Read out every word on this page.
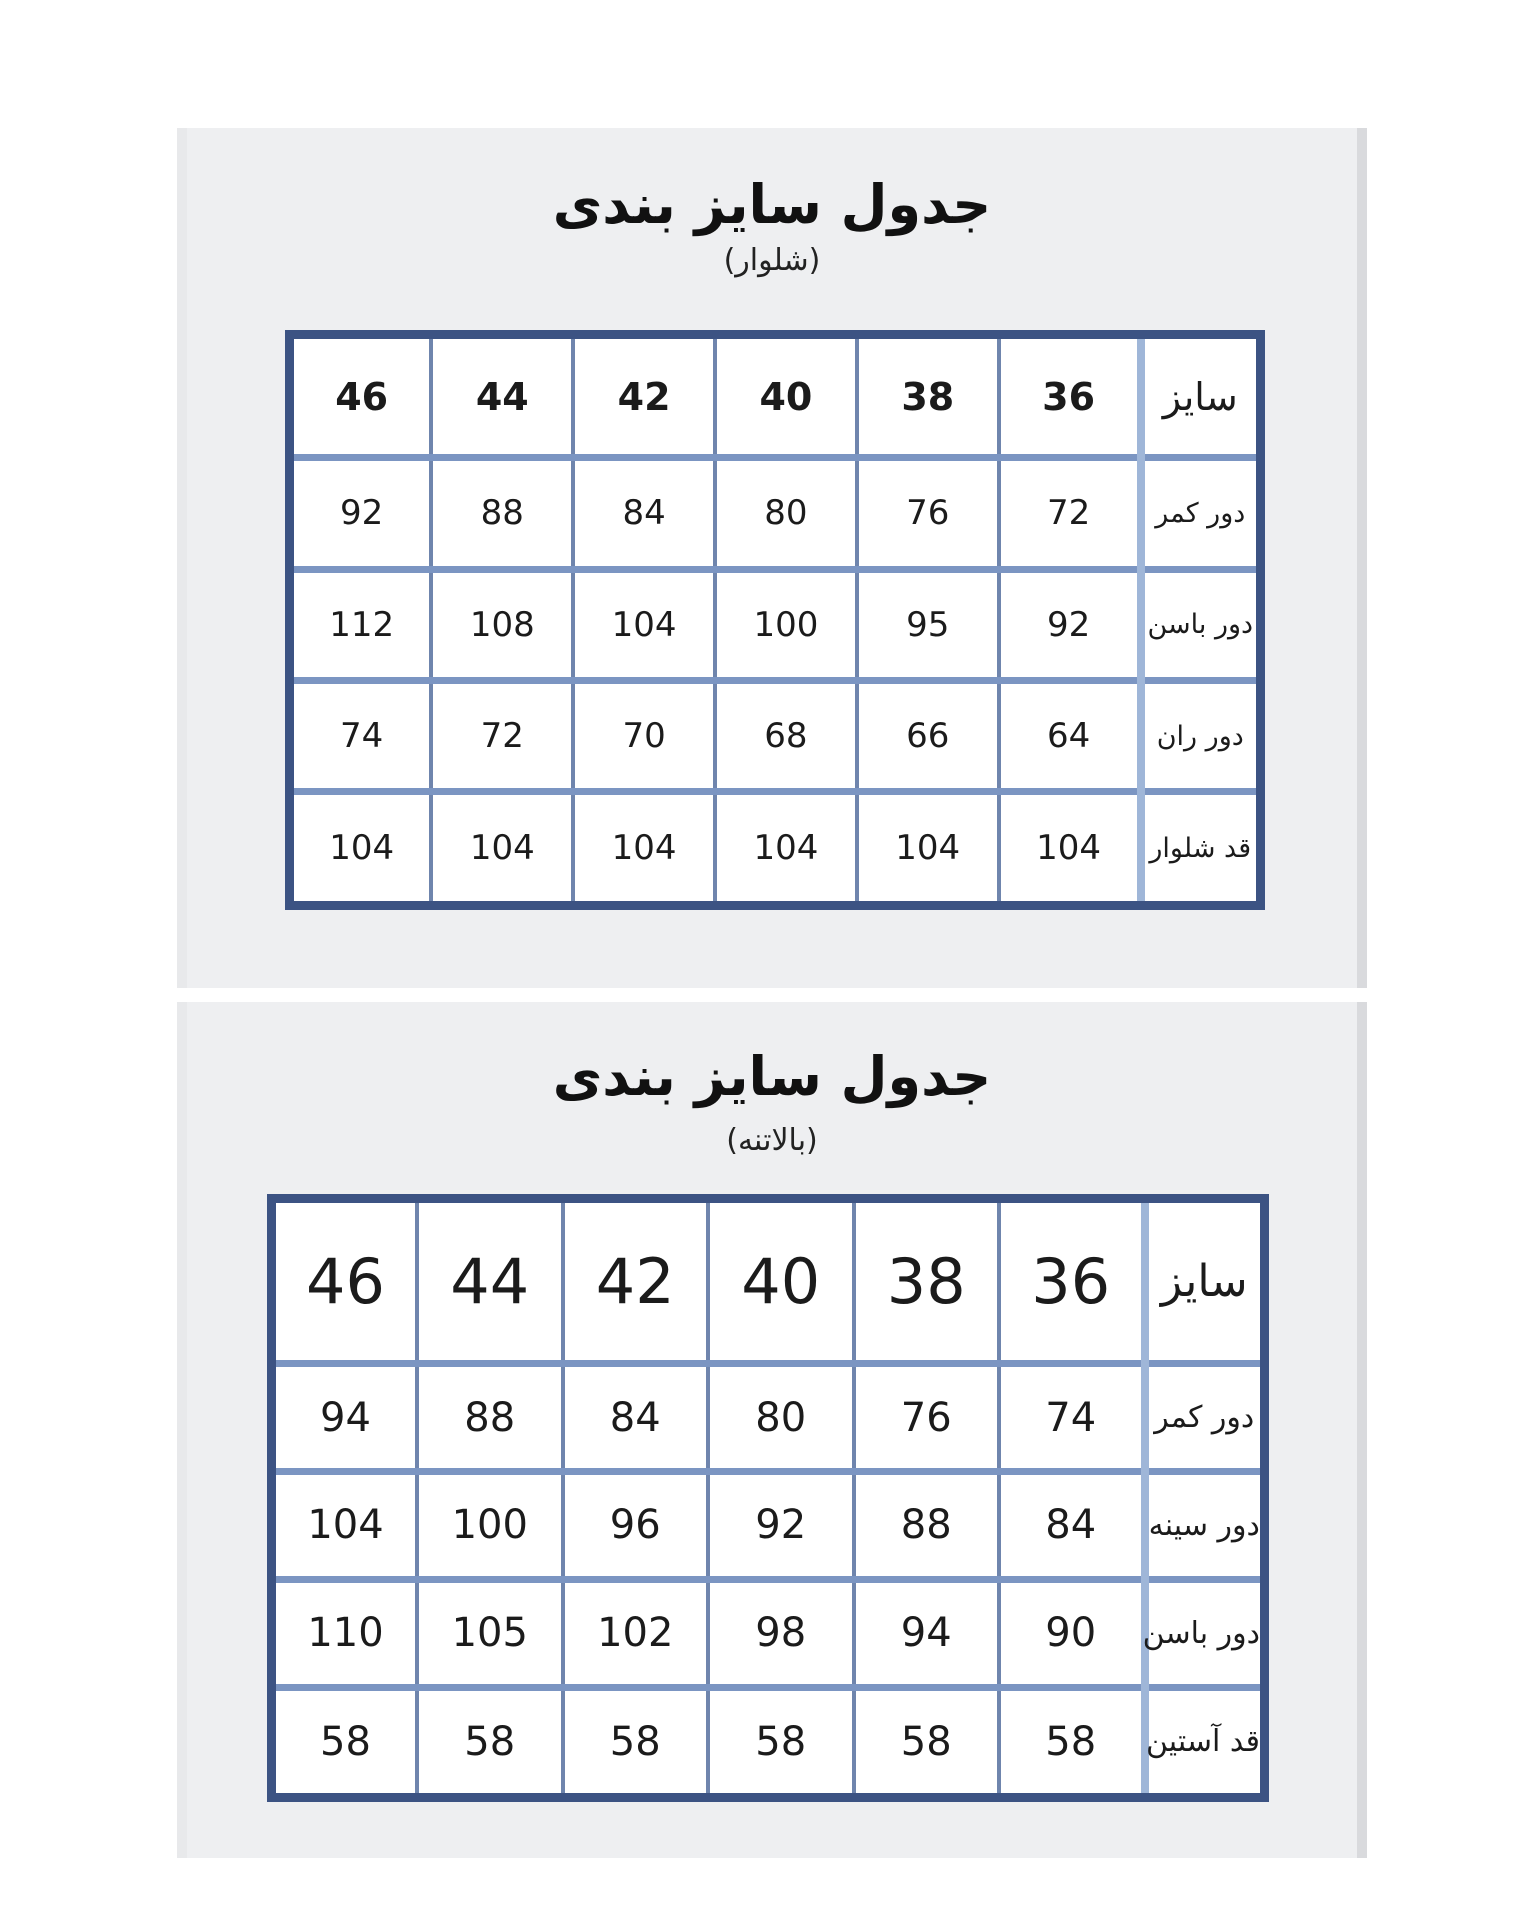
جدول سایز بندی
(شلوار)
سایز	36	38	40	42	44	46
دور کمر	72	76	80	84	88	92
دور باسن	92	95	100	104	108	112
دور ران	64	66	68	70	72	74
قد شلوار	104	104	104	104	104	104
جدول سایز بندی
(بالاتنه)
سایز	36	38	40	42	44	46
دور کمر	74	76	80	84	88	94
دور سینه	84	88	92	96	100	104
دور باسن	90	94	98	102	105	110
قد آستین	58	58	58	58	58	58
